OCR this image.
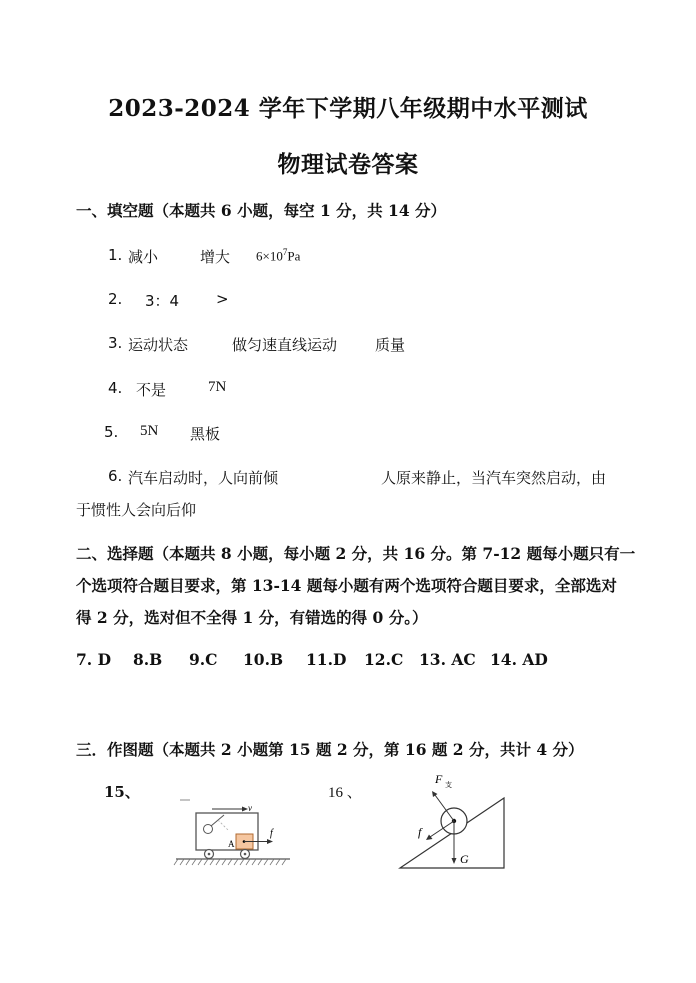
2023-2024 学年下学期八年级期中水平测试
物理试卷答案
一、填空题（本题共 6 小题，每空 1 分，共 14 分）
1. 减小	增大 $6\times 10^7Pa$
2. 3：4 >
3. 运动状态	做匀速直线运动	质量
4. 不是	7N
5. 5N 黑板
6. 汽车启动时，人向前倾	人原来静止，当汽车突然启动，由
于惯性人会向后仰
二、选择题（本题共 8 小题，每小题 2 分，共 16 分。第 7-12 题每小题只有一
个选项符合题目要求，第 13-14 题每小题有两个选项符合题目要求，全部选对
得 2 分，选对但不全得 1 分，有错选的得 0 分。）
7. D 8.B 9.C 10.B 11.D 12.C 13. AC 14. AD
三．作图题（本题共 2 小题第 15 题 2 分，第 16 题 2 分，共计 4 分）
15、	16 、
v
A
f
F 支
f
G
